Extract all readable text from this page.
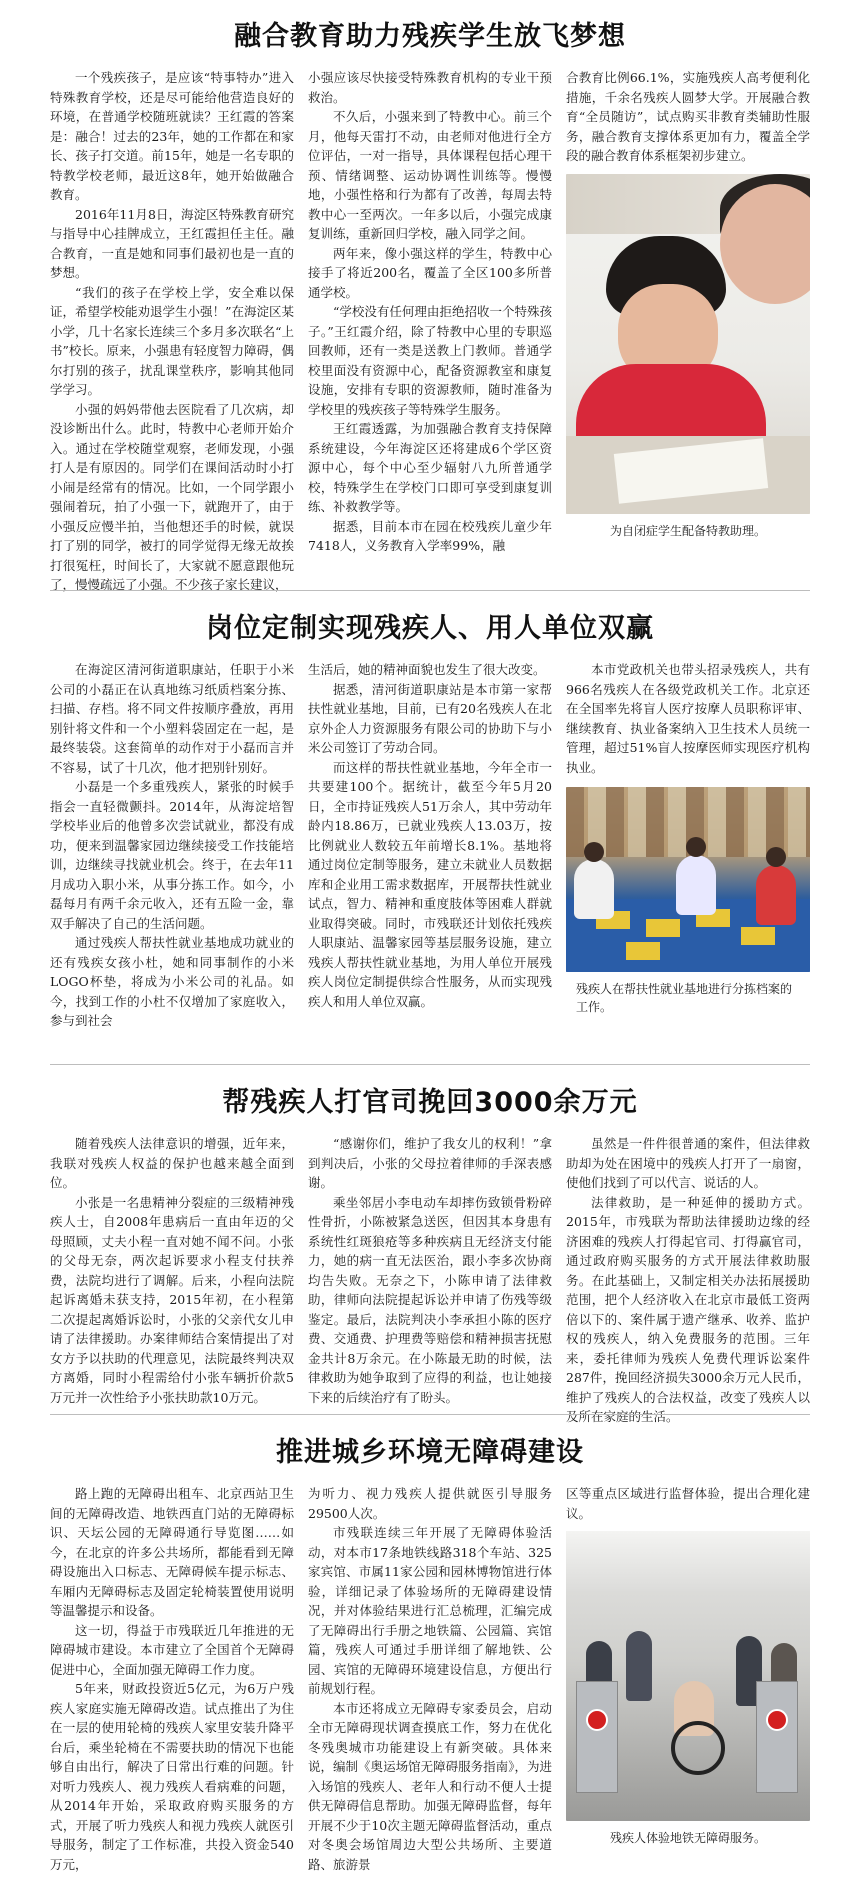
融合教育助力残疾学生放飞梦想

一个残疾孩子，是应该“特事特办”进入特殊教育学校，还是尽可能给他营造良好的环境，在普通学校随班就读？王红霞的答案是：融合！过去的23年，她的工作都在和家长、孩子打交道。前15年，她是一名专职的特教学校老师，最近这8年，她开始做融合教育。

2016年11月8日，海淀区特殊教育研究与指导中心挂牌成立，王红霞担任主任。融合教育，一直是她和同事们最初也是一直的梦想。

“我们的孩子在学校上学，安全难以保证，希望学校能劝退学生小强！”在海淀区某小学，几十名家长连续三个多月多次联名“上书”校长。原来，小强患有轻度智力障碍，偶尔打别的孩子，扰乱课堂秩序，影响其他同学学习。

小强的妈妈带他去医院看了几次病，却没诊断出什么。此时，特教中心老师开始介入。通过在学校随堂观察，老师发现，小强打人是有原因的。同学们在课间活动时小打小闹是经常有的情况。比如，一个同学跟小强闹着玩，拍了小强一下，就跑开了，由于小强反应慢半拍，当他想还手的时候，就误打了别的同学，被打的同学觉得无缘无故挨打很冤枉，时间长了，大家就不愿意跟他玩了，慢慢疏远了小强。不少孩子家长建议，

小强应该尽快接受特殊教育机构的专业干预救治。

不久后，小强来到了特教中心。前三个月，他每天雷打不动，由老师对他进行全方位评估，一对一指导，具体课程包括心理干预、情绪调整、运动协调性训练等。慢慢地，小强性格和行为都有了改善，每周去特教中心一至两次。一年多以后，小强完成康复训练，重新回归学校，融入同学之间。

两年来，像小强这样的学生，特教中心接手了将近200名，覆盖了全区100多所普通学校。

“学校没有任何理由拒绝招收一个特殊孩子。”王红霞介绍，除了特教中心里的专职巡回教师，还有一类是送教上门教师。普通学校里面没有资源中心，配备资源教室和康复设施，安排有专职的资源教师，随时准备为学校里的残疾孩子等特殊学生服务。

王红霞透露，为加强融合教育支持保障系统建设，今年海淀区还将建成6个学区资源中心，每个中心至少辐射八九所普通学校，特殊学生在学校门口即可享受到康复训练、补救教学等。

据悉，目前本市在园在校残疾儿童少年7418人，义务教育入学率99%，融

合教育比例66.1%，实施残疾人高考便利化措施，千余名残疾人圆梦大学。开展融合教育“全员随访”，试点购买非教育类辅助性服务，融合教育支撑体系更加有力，覆盖全学段的融合教育体系框架初步建立。

为自闭症学生配备特教助理。
岗位定制实现残疾人、用人单位双赢

在海淀区清河街道职康站，任职于小米公司的小磊正在认真地练习纸质档案分拣、扫描、存档。将不同文件按顺序叠放，再用别针将文件和一个小塑料袋固定在一起，是最终装袋。这套简单的动作对于小磊而言并不容易，试了十几次，他才把别针别好。

小磊是一个多重残疾人，紧张的时候手指会一直轻微颤抖。2014年，从海淀培智学校毕业后的他曾多次尝试就业，都没有成功，便来到温馨家园边继续接受工作技能培训，边继续寻找就业机会。终于，在去年11月成功入职小米，从事分拣工作。如今，小磊每月有两千余元收入，还有五险一金，靠双手解决了自己的生活问题。

通过残疾人帮扶性就业基地成功就业的还有残疾女孩小杜，她和同事制作的小米LOGO杯垫，将成为小米公司的礼品。如今，找到工作的小杜不仅增加了家庭收入，参与到社会

生活后，她的精神面貌也发生了很大改变。

据悉，清河街道职康站是本市第一家帮扶性就业基地，目前，已有20名残疾人在北京外企人力资源服务有限公司的协助下与小米公司签订了劳动合同。

而这样的帮扶性就业基地，今年全市一共要建100个。据统计，截至今年5月20日，全市持证残疾人51万余人，其中劳动年龄内18.86万，已就业残疾人13.03万，按比例就业人数较五年前增长8.1%。基地将通过岗位定制等服务，建立未就业人员数据库和企业用工需求数据库，开展帮扶性就业试点，智力、精神和重度肢体等困难人群就业取得突破。同时，市残联还计划依托残疾人职康站、温馨家园等基层服务设施，建立残疾人帮扶性就业基地，为用人单位开展残疾人岗位定制提供综合性服务，从而实现残疾人和用人单位双赢。

本市党政机关也带头招录残疾人，共有966名残疾人在各级党政机关工作。北京还在全国率先将盲人医疗按摩人员职称评审、继续教育、执业备案纳入卫生技术人员统一管理，超过51%盲人按摩医师实现医疗机构执业。

残疾人在帮扶性就业基地进行分拣档案的工作。
帮残疾人打官司挽回3000余万元

随着残疾人法律意识的增强，近年来，我联对残疾人权益的保护也越来越全面到位。

小张是一名患精神分裂症的三级精神残疾人士，自2008年患病后一直由年迈的父母照顾，丈夫小程一直对她不闻不问。小张的父母无奈，两次起诉要求小程支付扶养费，法院均进行了调解。后来，小程向法院起诉离婚未获支持，2015年初，在小程第二次提起离婚诉讼时，小张的父亲代女儿申请了法律援助。办案律师结合案情提出了对女方予以扶助的代理意见，法院最终判决双方离婚，同时小程需给付小张车辆折价款5万元并一次性给予小张扶助款10万元。

“感谢你们，维护了我女儿的权利！”拿到判决后，小张的父母拉着律师的手深表感谢。

乘坐邻居小李电动车却摔伤致锁骨粉碎性骨折，小陈被紧急送医，但因其本身患有系统性红斑狼疮等多种疾病且无经济支付能力，她的病一直无法医治，跟小李多次协商均告失败。无奈之下，小陈申请了法律救助，律师向法院提起诉讼并申请了伤残等级鉴定。最后，法院判决小李承担小陈的医疗费、交通费、护理费等赔偿和精神损害抚慰金共计8万余元。在小陈最无助的时候，法律救助为她争取到了应得的利益，也让她接下来的后续治疗有了盼头。

虽然是一件件很普通的案件，但法律救助却为处在困境中的残疾人打开了一扇窗，使他们找到了可以代言、说话的人。

法律救助，是一种延伸的援助方式。2015年，市残联为帮助法律援助边缘的经济困难的残疾人打得起官司、打得赢官司，通过政府购买服务的方式开展法律救助服务。在此基础上，又制定相关办法拓展援助范围，把个人经济收入在北京市最低工资两倍以下的、案件属于遗产继承、收养、监护权的残疾人，纳入免费服务的范围。三年来，委托律师为残疾人免费代理诉讼案件287件，挽回经济损失3000余万元人民币，维护了残疾人的合法权益，改变了残疾人以及所在家庭的生活。

推进城乡环境无障碍建设

路上跑的无障碍出租车、北京西站卫生间的无障碍改造、地铁西直门站的无障碍标识、天坛公园的无障碍通行导览图……如今，在北京的许多公共场所，都能看到无障碍设施出入口标志、无障碍候车提示标志、车厢内无障碍标志及固定轮椅装置使用说明等温馨提示和设备。

这一切，得益于市残联近几年推进的无障碍城市建设。本市建立了全国首个无障碍促进中心，全面加强无障碍工作力度。

5年来，财政投资近5亿元，为6万户残疾人家庭实施无障碍改造。试点推出了为住在一层的使用轮椅的残疾人家里安装升降平台后，乘坐轮椅在不需要扶助的情况下也能够自由出行，解决了日常出行难的问题。针对听力残疾人、视力残疾人看病难的问题，从2014年开始，采取政府购买服务的方式，开展了听力残疾人和视力残疾人就医引导服务，制定了工作标准，共投入资金540万元，

为听力、视力残疾人提供就医引导服务29500人次。

市残联连续三年开展了无障碍体验活动，对本市17条地铁线路318个车站、325家宾馆、市属11家公园和园林博物馆进行体验，详细记录了体验场所的无障碍建设情况，并对体验结果进行汇总梳理，汇编完成了无障碍出行手册之地铁篇、公园篇、宾馆篇，残疾人可通过手册详细了解地铁、公园、宾馆的无障碍环境建设信息，方便出行前规划行程。

本市还将成立无障碍专家委员会，启动全市无障碍现状调查摸底工作，努力在优化冬残奥城市功能建设上有新突破。具体来说，编制《奥运场馆无障碍服务指南》，为进入场馆的残疾人、老年人和行动不便人士提供无障碍信息帮助。加强无障碍监督，每年开展不少于10次主题无障碍监督活动，重点对冬奥会场馆周边大型公共场所、主要道路、旅游景

区等重点区域进行监督体验，提出合理化建议。

残疾人体验地铁无障碍服务。
